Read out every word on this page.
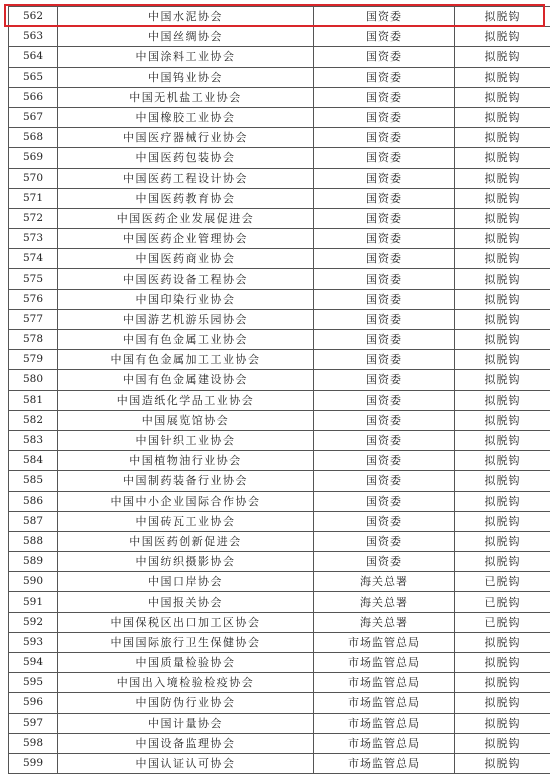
562	中国水泥协会	国资委	拟脱钩
563	中国丝绸协会	国资委	拟脱钩
564	中国涂料工业协会	国资委	拟脱钩
565	中国钨业协会	国资委	拟脱钩
566	中国无机盐工业协会	国资委	拟脱钩
567	中国橡胶工业协会	国资委	拟脱钩
568	中国医疗器械行业协会	国资委	拟脱钩
569	中国医药包装协会	国资委	拟脱钩
570	中国医药工程设计协会	国资委	拟脱钩
571	中国医药教育协会	国资委	拟脱钩
572	中国医药企业发展促进会	国资委	拟脱钩
573	中国医药企业管理协会	国资委	拟脱钩
574	中国医药商业协会	国资委	拟脱钩
575	中国医药设备工程协会	国资委	拟脱钩
576	中国印染行业协会	国资委	拟脱钩
577	中国游艺机游乐园协会	国资委	拟脱钩
578	中国有色金属工业协会	国资委	拟脱钩
579	中国有色金属加工工业协会	国资委	拟脱钩
580	中国有色金属建设协会	国资委	拟脱钩
581	中国造纸化学品工业协会	国资委	拟脱钩
582	中国展览馆协会	国资委	拟脱钩
583	中国针织工业协会	国资委	拟脱钩
584	中国植物油行业协会	国资委	拟脱钩
585	中国制药装备行业协会	国资委	拟脱钩
586	中国中小企业国际合作协会	国资委	拟脱钩
587	中国砖瓦工业协会	国资委	拟脱钩
588	中国医药创新促进会	国资委	拟脱钩
589	中国纺织摄影协会	国资委	拟脱钩
590	中国口岸协会	海关总署	已脱钩
591	中国报关协会	海关总署	已脱钩
592	中国保税区出口加工区协会	海关总署	已脱钩
593	中国国际旅行卫生保健协会	市场监管总局	拟脱钩
594	中国质量检验协会	市场监管总局	拟脱钩
595	中国出入境检验检疫协会	市场监管总局	拟脱钩
596	中国防伪行业协会	市场监管总局	拟脱钩
597	中国计量协会	市场监管总局	拟脱钩
598	中国设备监理协会	市场监管总局	拟脱钩
599	中国认证认可协会	市场监管总局	拟脱钩
